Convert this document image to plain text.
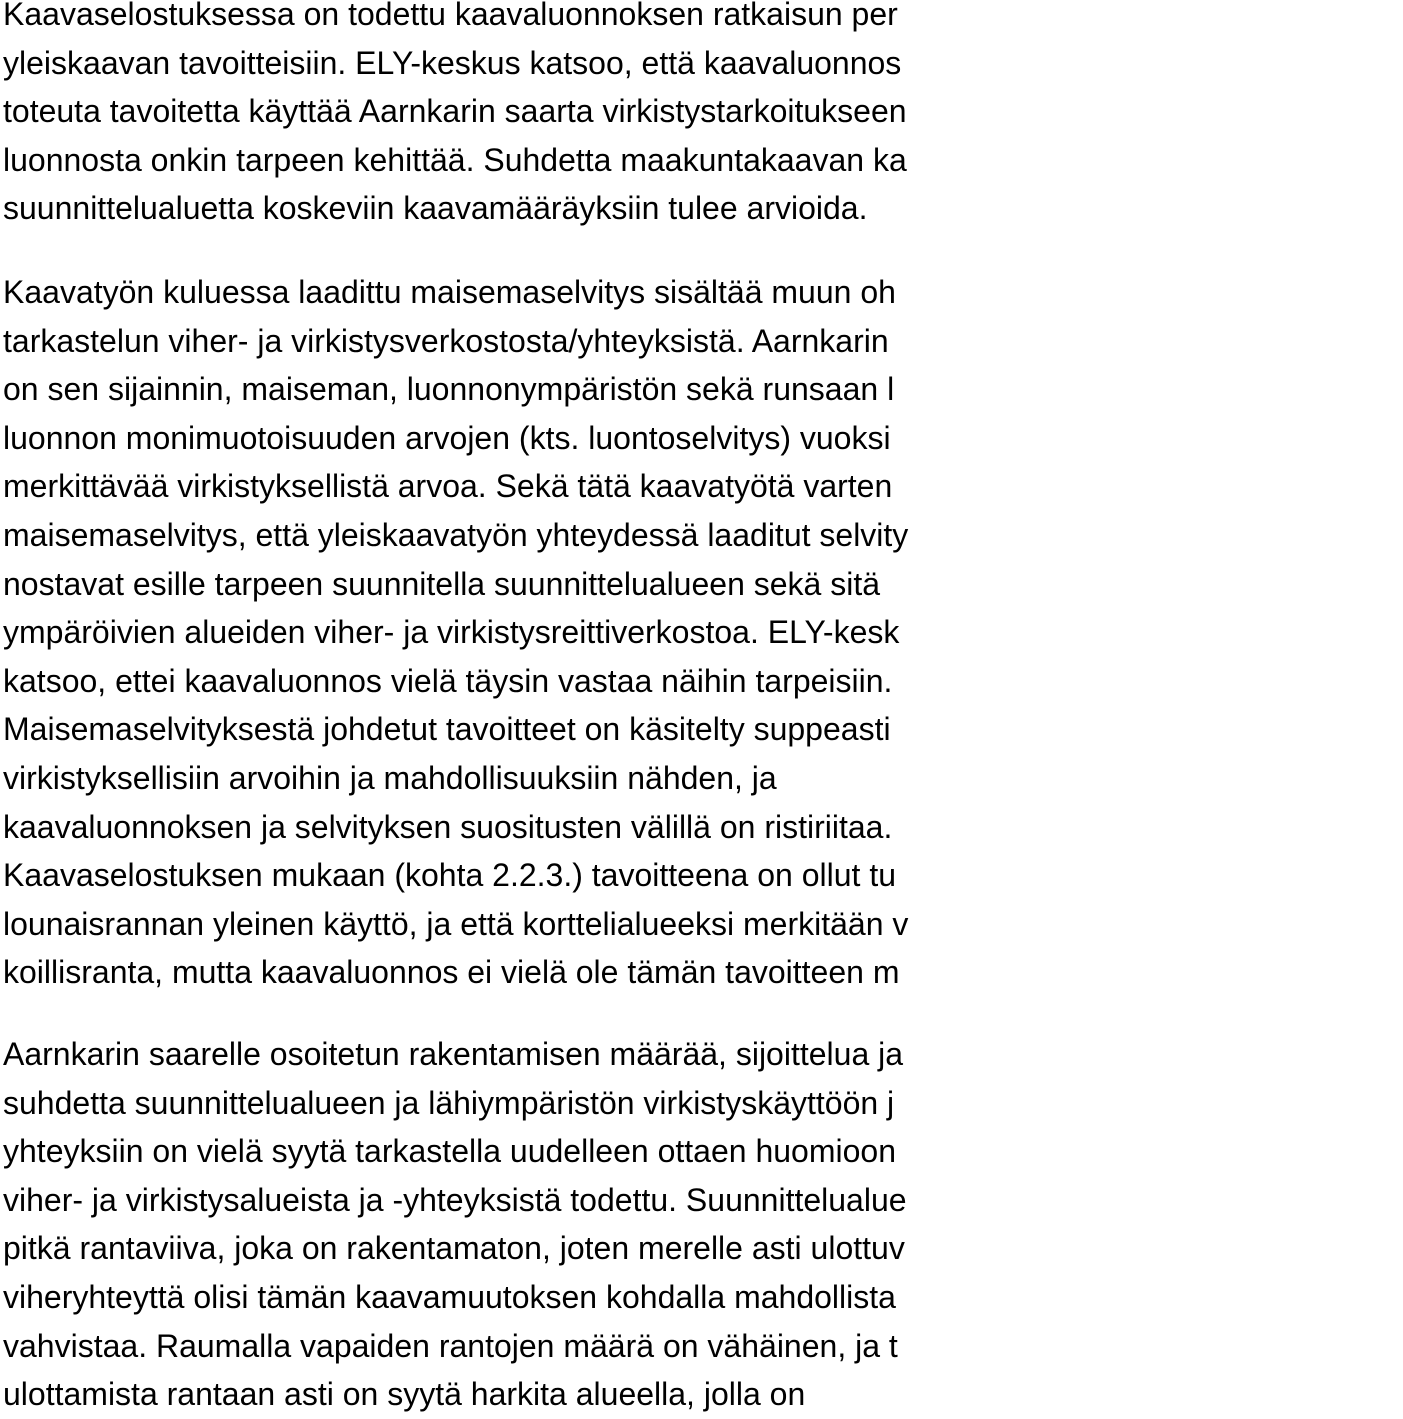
Kaavaselostuksessa on todettu kaavaluonnoksen ratkaisun per
yleiskaavan tavoitteisiin. ELY-keskus katsoo, että kaavaluonnos
toteuta tavoitetta käyttää Aarnkarin saarta virkistystarkoitukseen
luonnosta onkin tarpeen kehittää. Suhdetta maakuntakaavan ka
suunnittelualuetta koskeviin kaavamääräyksiin tulee arvioida.

Kaavatyön kuluessa laadittu maisemaselvitys sisältää muun oh
tarkastelun viher- ja virkistysverkostosta/yhteyksistä. Aarnkarin
on sen sijainnin, maiseman, luonnonympäristön sekä runsaan l
luonnon monimuotoisuuden arvojen (kts. luontoselvitys) vuoksi
merkittävää virkistyksellistä arvoa. Sekä tätä kaavatyötä varten
maisemaselvitys, että yleiskaavatyön yhteydessä laaditut selvity
nostavat esille tarpeen suunnitella suunnittelualueen sekä sitä
ympäröivien alueiden viher- ja virkistysreittiverkostoa. ELY-kesk
katsoo, ettei kaavaluonnos vielä täysin vastaa näihin tarpeisiin.
Maisemaselvityksestä johdetut tavoitteet on käsitelty suppeasti
virkistyksellisiin arvoihin ja mahdollisuuksiin nähden, ja
kaavaluonnoksen ja selvityksen suositusten välillä on ristiriitaa.
Kaavaselostuksen mukaan (kohta 2.2.3.) tavoitteena on ollut tu
lounaisrannan yleinen käyttö, ja että korttelialueeksi merkitään v
koillisranta, mutta kaavaluonnos ei vielä ole tämän tavoitteen m

Aarnkarin saarelle osoitetun rakentamisen määrää, sijoittelua ja
suhdetta suunnittelualueen ja lähiympäristön virkistyskäyttöön j
yhteyksiin on vielä syytä tarkastella uudelleen ottaen huomioon
viher- ja virkistysalueista ja -yhteyksistä todettu. Suunnittelualue
pitkä rantaviiva, joka on rakentamaton, joten merelle asti ulottuv
viheryhteyttä olisi tämän kaavamuutoksen kohdalla mahdollista
vahvistaa. Raumalla vapaiden rantojen määrä on vähäinen, ja t
ulottamista rantaan asti on syytä harkita alueella, jolla on
